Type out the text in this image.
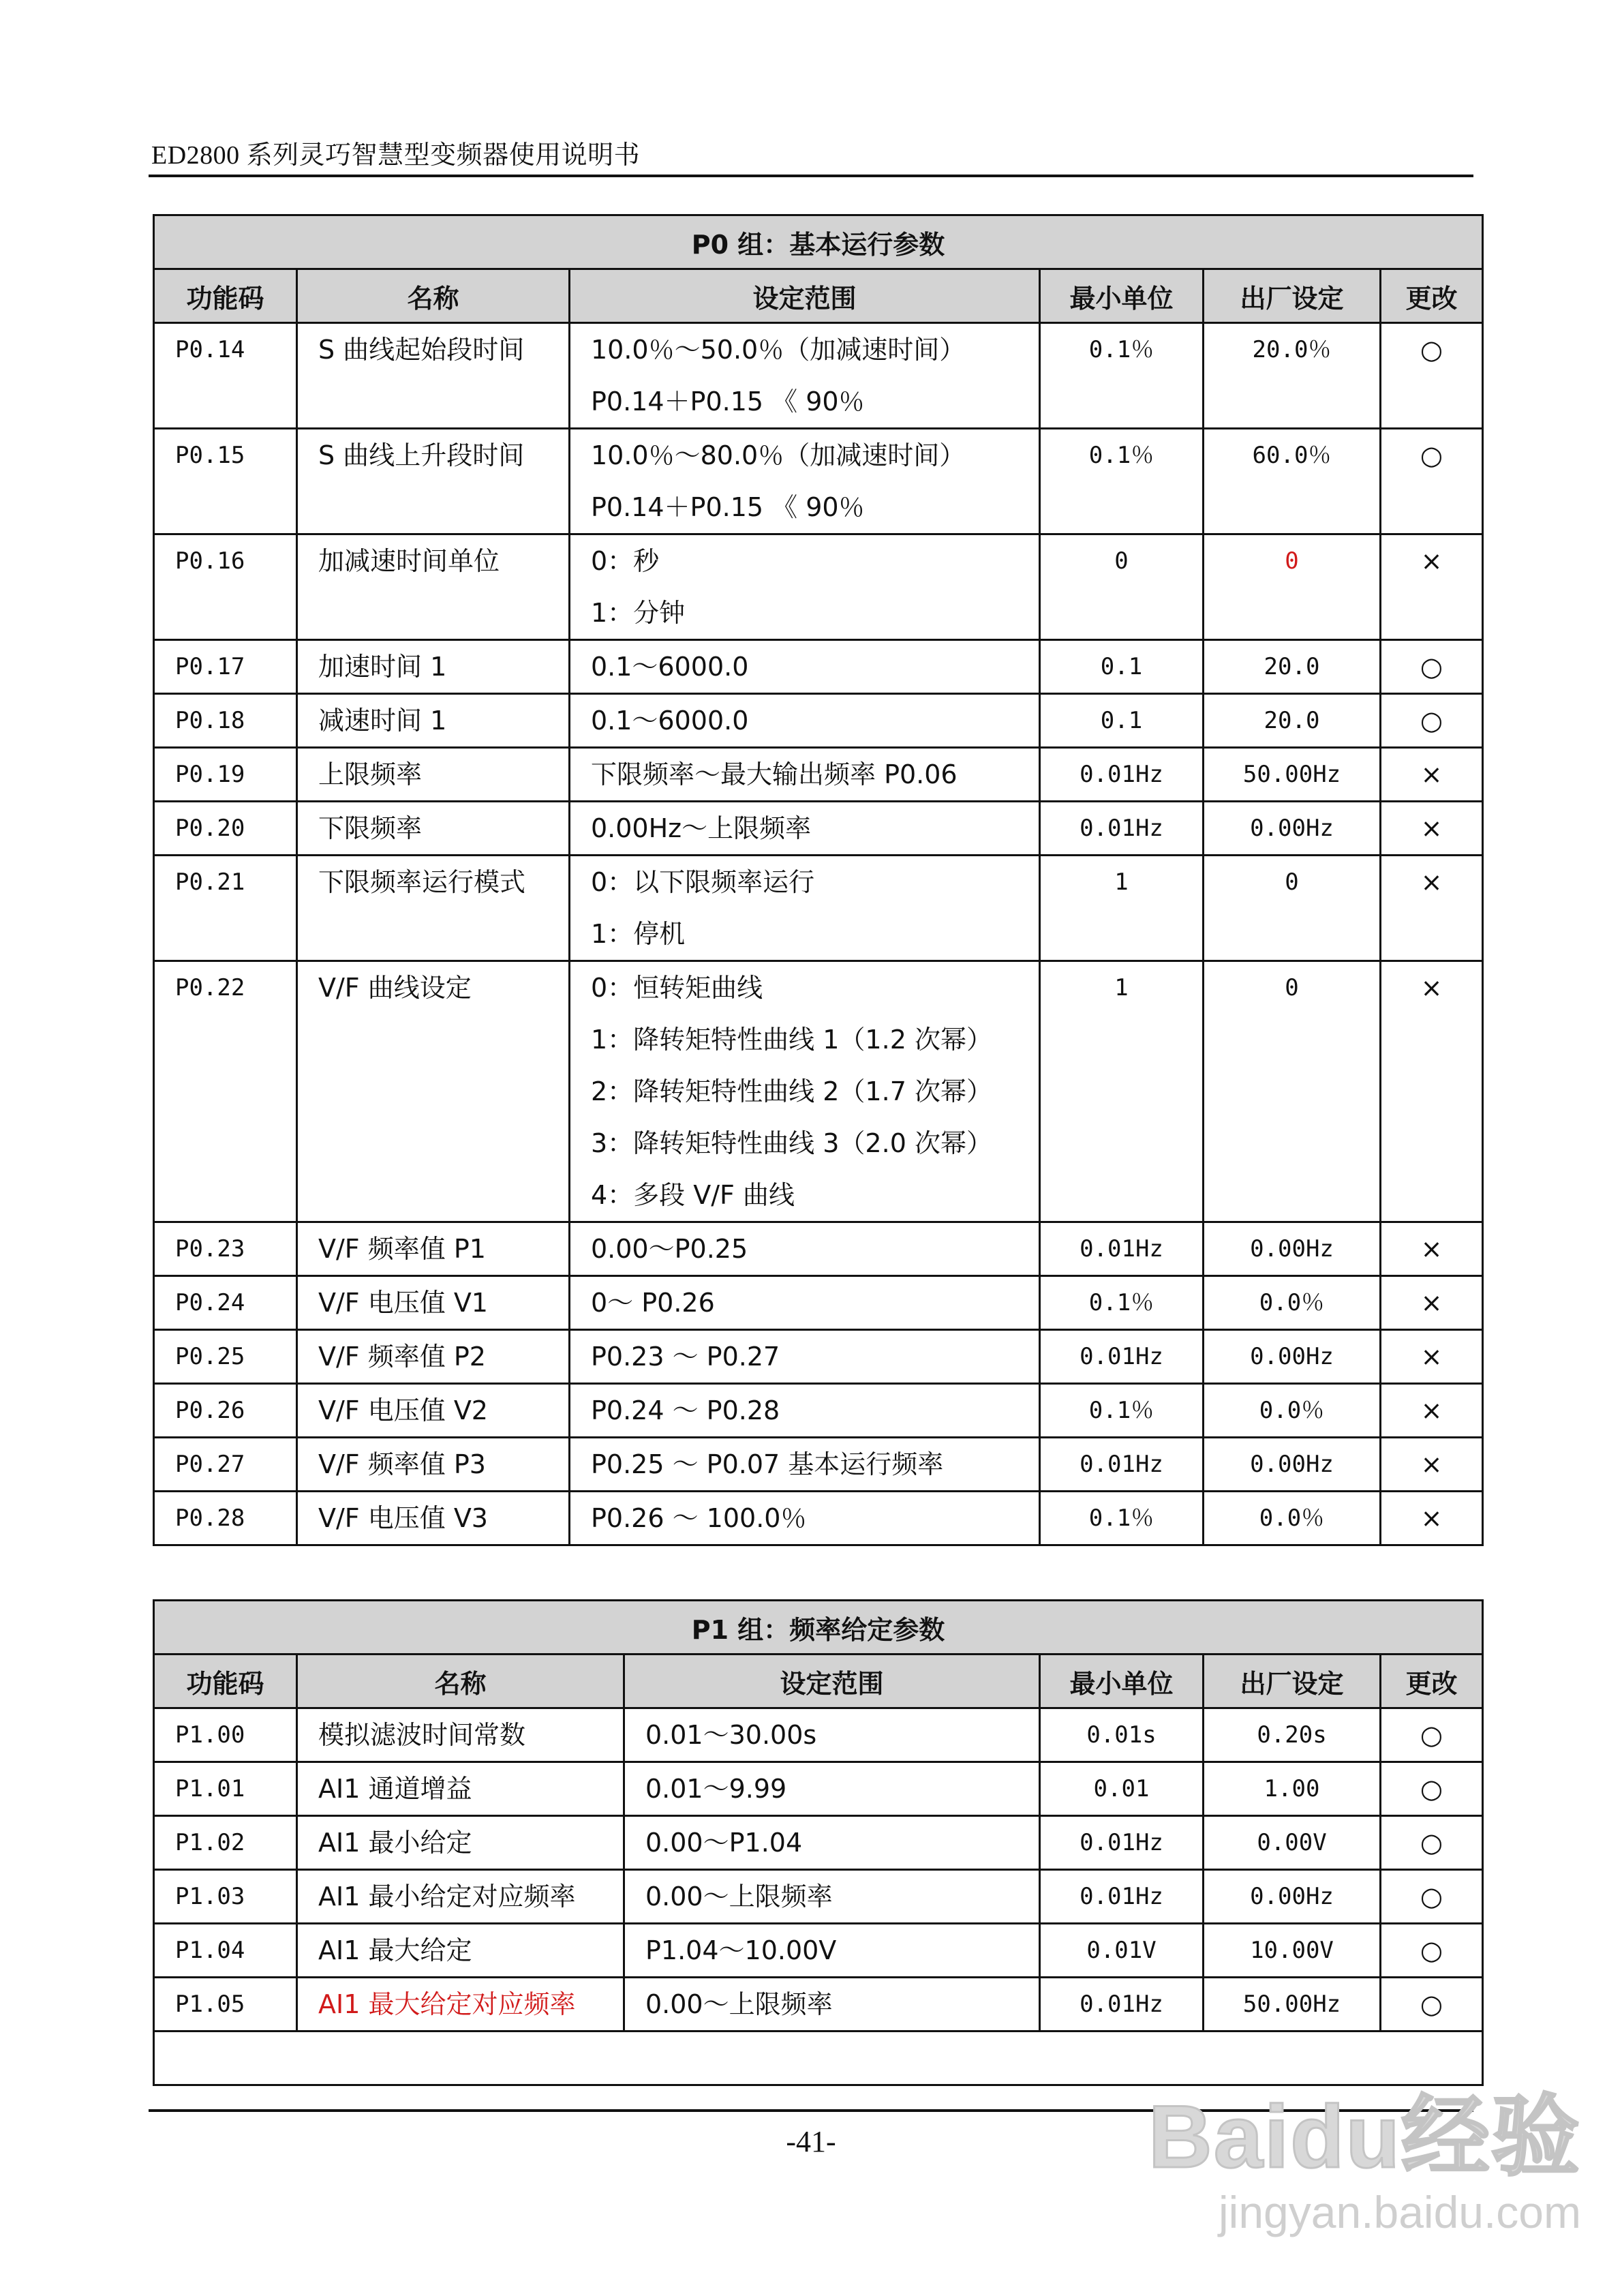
ED2800 系列灵巧智慧型变频器使用说明书
P0 组：基本运行参数					
功能码	名称	设定范围	最小单位	出厂设定	更改

P0.14	S 曲线起始段时间	10.0％～50.0％（加减速时间）
P0.14＋P0.15 《 90％	0.1％	20.0％	○

P0.15	S 曲线上升段时间	10.0％～80.0％（加减速时间）
P0.14＋P0.15 《 90％	0.1％	60.0％	○

P0.16	加减速时间单位	0：秒
1：分钟	0	0	×

P0.17	加速时间 1	0.1～6000.0	0.1	20.0	○

P0.18	减速时间 1	0.1～6000.0	0.1	20.0	○

P0.19	上限频率	下限频率～最大输出频率 P0.06	0.01Hz	50.00Hz	×

P0.20	下限频率	0.00Hz～上限频率	0.01Hz	0.00Hz	×

P0.21	下限频率运行模式	0：以下限频率运行
1：停机	1	0	×

P0.22	V/F 曲线设定	0：恒转矩曲线
1：降转矩特性曲线 1（1.2 次幂）
2：降转矩特性曲线 2（1.7 次幂）
3：降转矩特性曲线 3（2.0 次幂）
4：多段 V/F 曲线	1	0	×

P0.23	V/F 频率值 P1	0.00～P0.25	0.01Hz	0.00Hz	×

P0.24	V/F 电压值 V1	0～ P0.26	0.1％	0.0％	×

P0.25	V/F 频率值 P2	P0.23 ～ P0.27	0.01Hz	0.00Hz	×

P0.26	V/F 电压值 V2	P0.24 ～ P0.28	0.1％	0.0％	×

P0.27	V/F 频率值 P3	P0.25 ～ P0.07 基本运行频率	0.01Hz	0.00Hz	×

P0.28	V/F 电压值 V3	P0.26 ～ 100.0％	0.1％	0.0％	×
P1 组：频率给定参数					
功能码	名称	设定范围	最小单位	出厂设定	更改

P1.00	模拟滤波时间常数	0.01～30.00s	0.01s	0.20s	○

P1.01	AI1 通道增益	0.01～9.99	0.01	1.00	○

P1.02	AI1 最小给定	0.00～P1.04	0.01Hz	0.00V	○

P1.03	AI1 最小给定对应频率	0.00～上限频率	0.01Hz	0.00Hz	○

P1.04	AI1 最大给定	P1.04～10.00V	0.01V	10.00V	○

P1.05	AI1 最大给定对应频率	0.00～上限频率	0.01Hz	50.00Hz	○

-41-	Baidu经验
jingyan.baidu.com
